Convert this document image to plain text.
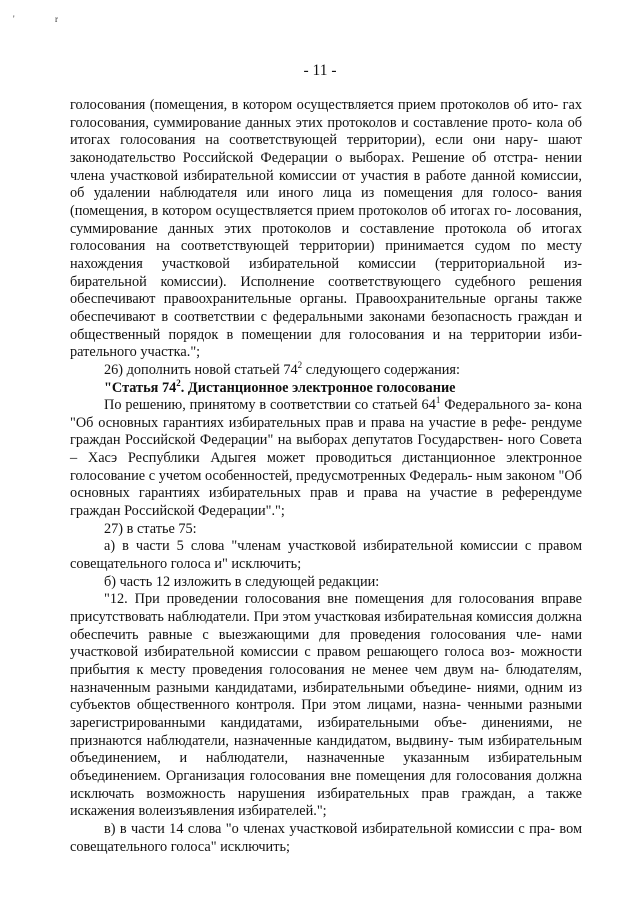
'	r
- 11 -

голосования (помещения, в котором осуществляется прием протоколов об ито- гах голосования, суммирование данных этих протоколов и составление прото- кола об итогах голосования на соответствующей территории), если они нару- шают законодательство Российской Федерации о выборах. Решение об отстра- нении члена участковой избирательной комиссии от участия в работе данной комиссии, об удалении наблюдателя или иного лица из помещения для голосо- вания (помещения, в котором осуществляется прием протоколов об итогах го- лосования, суммирование данных этих протоколов и составление протокола об итогах голосования на соответствующей территории) принимается судом по месту нахождения участковой избирательной комиссии (территориальной из- бирательной комиссии). Исполнение соответствующего судебного решения обеспечивают правоохранительные органы. Правоохранительные органы также обеспечивают в соответствии с федеральными законами безопасность граждан и общественный порядок в помещении для голосования и на территории изби- рательного участка.";

26) дополнить новой статьей $74^2$ следующего содержания:

"Статья $74^2$. Дистанционное электронное голосование

По решению, принятому в соответствии со статьей $64^1$ Федерального за- кона "Об основных гарантиях избирательных прав и права на участие в рефе- рендуме граждан Российской Федерации" на выборах депутатов Государствен- ного Совета – Хасэ Республики Адыгея может проводиться дистанционное электронное голосование с учетом особенностей, предусмотренных Федераль- ным законом "Об основных гарантиях избирательных прав и права на участие в референдуме граждан Российской Федерации".";

27) в статье 75:

а) в части 5 слова "членам участковой избирательной комиссии с правом совещательного голоса и" исключить;

б) часть 12 изложить в следующей редакции:

"12. При проведении голосования вне помещения для голосования вправе присутствовать наблюдатели. При этом участковая избирательная комиссия должна обеспечить равные с выезжающими для проведения голосования чле- нами участковой избирательной комиссии с правом решающего голоса воз- можности прибытия к месту проведения голосования не менее чем двум на- блюдателям, назначенным разными кандидатами, избирательными объедине- ниями, одним из субъектов общественного контроля. При этом лицами, назна- ченными разными зарегистрированными кандидатами, избирательными объе- динениями, не признаются наблюдатели, назначенные кандидатом, выдвину- тым избирательным объединением, и наблюдатели, назначенные указанным избирательным объединением. Организация голосования вне помещения для голосования должна исключать возможность нарушения избирательных прав граждан, а также искажения волеизъявления избирателей.";

в) в части 14 слова "о членах участковой избирательной комиссии с пра- вом совещательного голоса" исключить;
